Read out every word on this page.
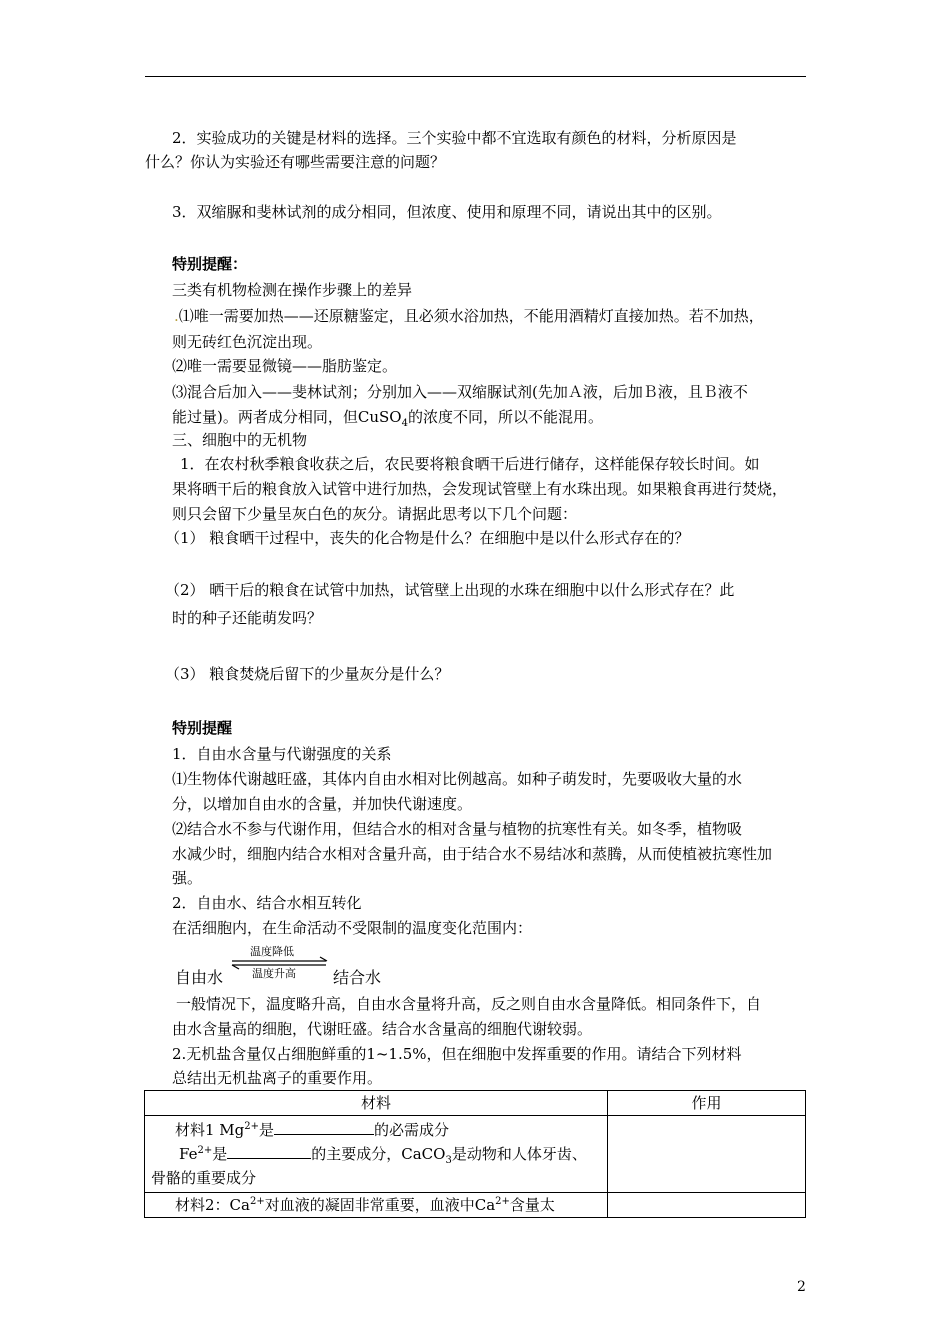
2．实验成功的关键是材料的选择。三个实验中都不宜选取有颜色的材料，分析原因是
什么？你认为实验还有哪些需要注意的问题？
3．双缩脲和斐林试剂的成分相同，但浓度、使用和原理不同，请说出其中的区别。
特别提醒：
三类有机物检测在操作步骤上的差异
.⑴唯一需要加热——还原糖鉴定，且必须水浴加热，不能用酒精灯直接加热。若不加热，
则无砖红色沉淀出现。
⑵唯一需要显微镜——脂肪鉴定。
⑶混合后加入——斐林试剂；分别加入——双缩脲试剂(先加Ａ液，后加Ｂ液，且Ｂ液不
能过量)。两者成分相同，但CuSO$_4$的浓度不同，所以不能混用。
三、细胞中的无机物
1．在农村秋季粮食收获之后，农民要将粮食晒干后进行储存，这样能保存较长时间。如
果将晒干后的粮食放入试管中进行加热，会发现试管壁上有水珠出现。如果粮食再进行焚烧，
则只会留下少量呈灰白色的灰分。请据此思考以下几个问题：
（1） 粮食晒干过程中，丧失的化合物是什么？在细胞中是以什么形式存在的？
（2） 晒干后的粮食在试管中加热，试管壁上出现的水珠在细胞中以什么形式存在？此
时的种子还能萌发吗？
（3） 粮食焚烧后留下的少量灰分是什么？
特别提醒
1．自由水含量与代谢强度的关系
⑴生物体代谢越旺盛，其体内自由水相对比例越高。如种子萌发时，先要吸收大量的水
分，以增加自由水的含量，并加快代谢速度。
⑵结合水不参与代谢作用，但结合水的相对含量与植物的抗寒性有关。如冬季，植物吸
水减少时，细胞内结合水相对含量升高，由于结合水不易结冰和蒸腾，从而使植被抗寒性加
强。
2．自由水、结合水相互转化
在活细胞内，在生命活动不受限制的温度变化范围内：
自由水
温度降低
温度升高 结合水
一般情况下，温度略升高，自由水含量将升高，反之则自由水含量降低。相同条件下，自
由水含量高的细胞，代谢旺盛。结合水含量高的细胞代谢较弱。
2.无机盐含量仅占细胞鲜重的1~1.5%，但在细胞中发挥重要的作用。请结合下列材料
总结出无机盐离子的重要作用。
材料	作用

材料1 $Mg^{2+}$是 的必需成分
$Fe^{2+}$是 的主要成分，CaCO$_3$是动物和人体牙齿、
骨骼的重要成分	

材料2：$Ca^{2+}$对血液的凝固非常重要，血液中$Ca^{2+}$含量太	

2
